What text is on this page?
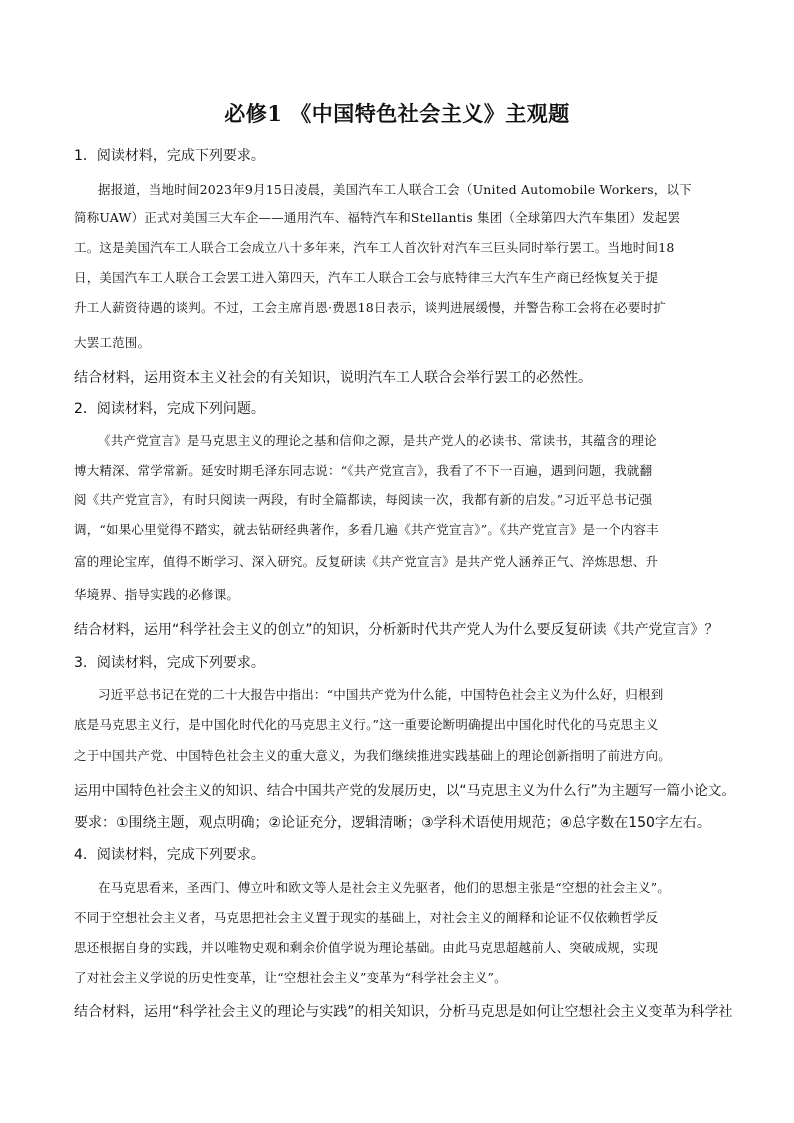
必修1 《中国特色社会主义》主观题
1．阅读材料，完成下列要求。
据报道，当地时间2023年9月15日凌晨，美国汽车工人联合工会（United Automobile Workers，以下
简称UAW）正式对美国三大车企——通用汽车、福特汽车和Stellantis 集团（全球第四大汽车集团）发起罢
工。这是美国汽车工人联合工会成立八十多年来，汽车工人首次针对汽车三巨头同时举行罢工。当地时间18
日，美国汽车工人联合工会罢工进入第四天，汽车工人联合工会与底特律三大汽车生产商已经恢复关于提
升工人薪资待遇的谈判。不过，工会主席肖恩·费恩18日表示，谈判进展缓慢，并警告称工会将在必要时扩
大罢工范围。
结合材料，运用资本主义社会的有关知识，说明汽车工人联合会举行罢工的必然性。
2．阅读材料，完成下列问题。
《共产党宣言》是马克思主义的理论之基和信仰之源，是共产党人的必读书、常读书，其蕴含的理论
博大精深、常学常新。延安时期毛泽东同志说：“《共产党宣言》，我看了不下一百遍，遇到问题，我就翻
阅《共产党宣言》，有时只阅读一两段，有时全篇都读，每阅读一次，我都有新的启发。”习近平总书记强
调，“如果心里觉得不踏实，就去钻研经典著作，多看几遍《共产党宣言》”。《共产党宣言》是一个内容丰
富的理论宝库，值得不断学习、深入研究。反复研读《共产党宣言》是共产党人涵养正气、淬炼思想、升
华境界、指导实践的必修课。
结合材料，运用“科学社会主义的创立”的知识，分析新时代共产党人为什么要反复研读《共产党宣言》？
3．阅读材料，完成下列要求。
习近平总书记在党的二十大报告中指出：“中国共产党为什么能，中国特色社会主义为什么好，归根到
底是马克思主义行，是中国化时代化的马克思主义行。”这一重要论断明确提出中国化时代化的马克思主义
之于中国共产党、中国特色社会主义的重大意义，为我们继续推进实践基础上的理论创新指明了前进方向。
运用中国特色社会主义的知识、结合中国共产党的发展历史，以“马克思主义为什么行”为主题写一篇小论文。
要求：①围绕主题，观点明确；②论证充分，逻辑清晰；③学科术语使用规范；④总字数在150字左右。
4．阅读材料，完成下列要求。
在马克思看来，圣西门、傅立叶和欧文等人是社会主义先驱者，他们的思想主张是“空想的社会主义”。
不同于空想社会主义者，马克思把社会主义置于现实的基础上，对社会主义的阐释和论证不仅依赖哲学反
思还根据自身的实践，并以唯物史观和剩余价值学说为理论基础。由此马克思超越前人、突破成规，实现
了对社会主义学说的历史性变革，让“空想社会主义”变革为“科学社会主义”。
结合材料，运用“科学社会主义的理论与实践”的相关知识，分析马克思是如何让空想社会主义变革为科学社
